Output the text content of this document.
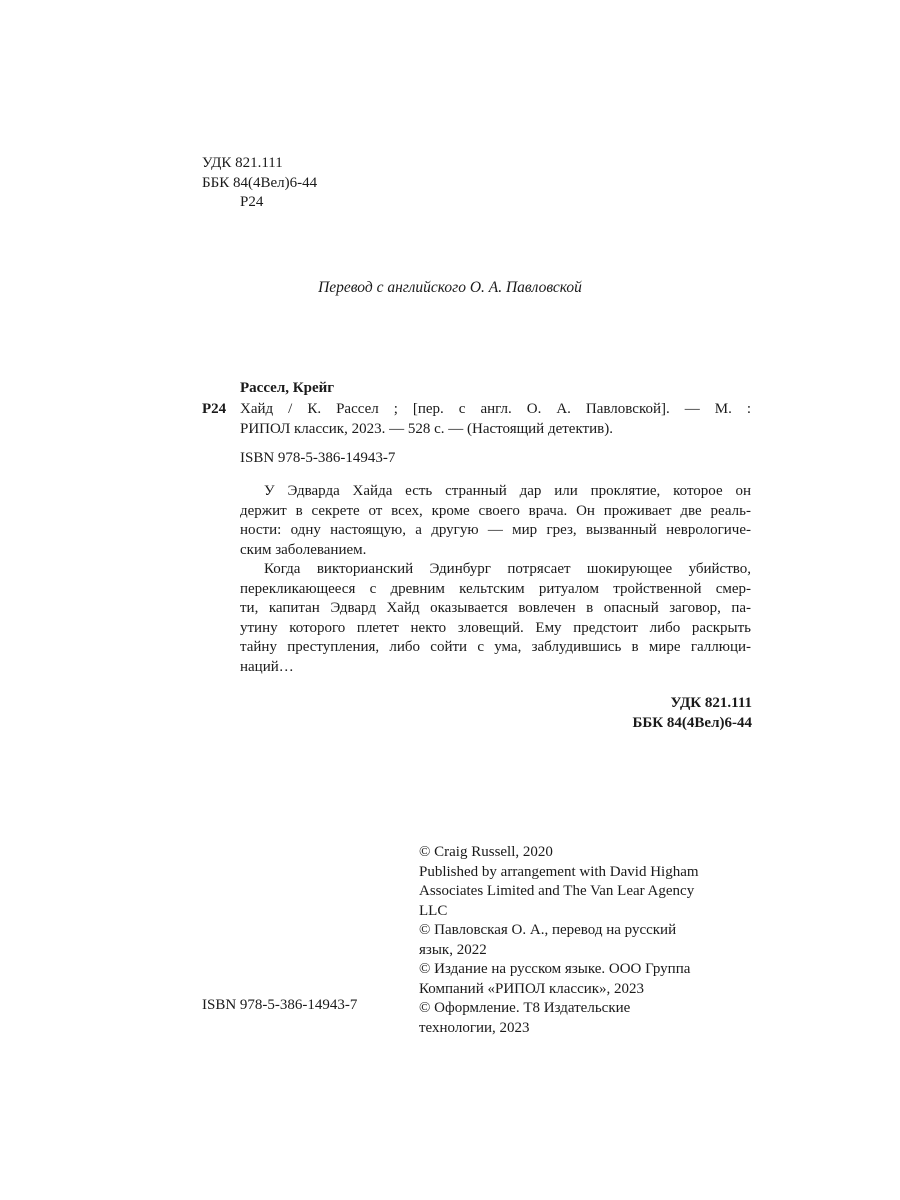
УДК 821.111
ББК 84(4Вел)6-44
Р24
Перевод с английского О. А. Павловской
Рассел, Крейг
Р24 Хайд / К. Рассел ; [пер. с англ. О. А. Павловской]. — М. :
РИПОЛ классик, 2023. — 528 с. — (Настоящий детектив).
ISBN 978-5-386-14943-7
У Эдварда Хайда есть странный дар или проклятие, которое он
держит в секрете от всех, кроме своего врача. Он проживает две реаль-
ности: одну настоящую, а другую — мир грез, вызванный неврологиче-
ским заболеванием.
Когда викторианский Эдинбург потрясает шокирующее убийство,
перекликающееся с древним кельтским ритуалом тройственной смер-
ти, капитан Эдвард Хайд оказывается вовлечен в опасный заговор, па-
утину которого плетет некто зловещий. Ему предстоит либо раскрыть
тайну преступления, либо сойти с ума, заблудившись в мире галлюци-
наций…
УДК 821.111
ББК 84(4Вел)6-44
ISBN 978-5-386-14943-7
© Craig Russell, 2020
Published by arrangement with David Higham
Associates Limited and The Van Lear Agency
LLC
© Павловская О. А., перевод на русский
язык, 2022
© Издание на русском языке. ООО Группа
Компаний «РИПОЛ классик», 2023
© Оформление. Т8 Издательские
технологии, 2023
